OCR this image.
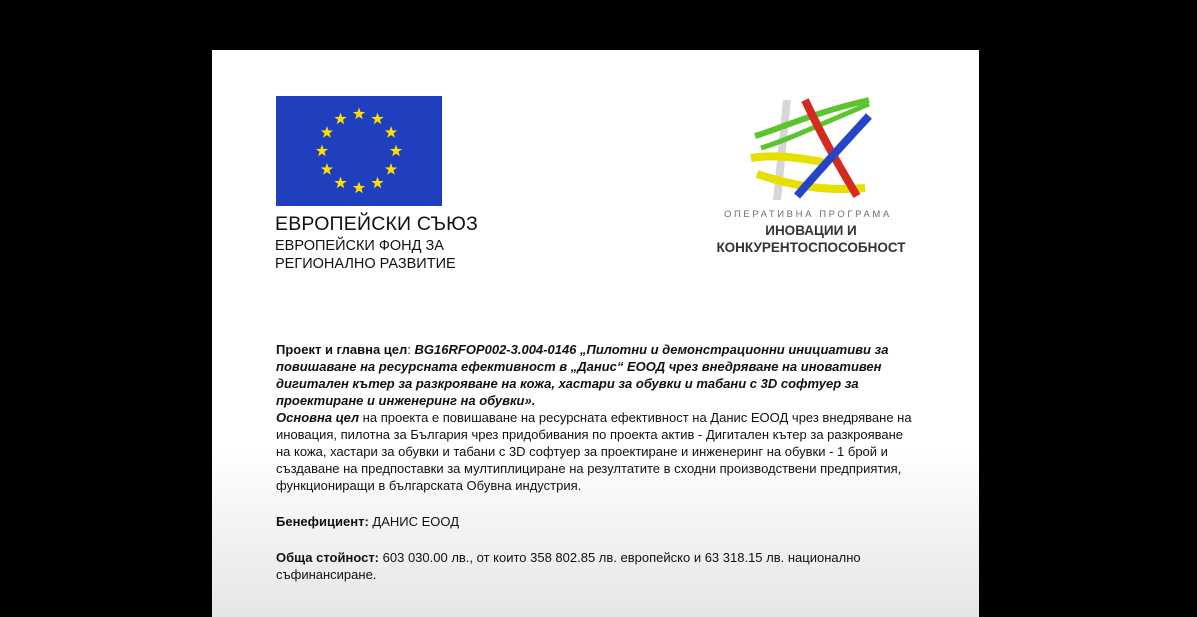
ЕВРОПЕЙСКИ СЪЮЗ
ЕВРОПЕЙСКИ ФОНД ЗА
РЕГИОНАЛНО РАЗВИТИЕ
ОПЕРАТИВНА ПРОГРАМА
ИНОВАЦИИ И
КОНКУРЕНТОСПОСОБНОСТ

Проект и главна цел: BG16RFOP002-3.004-0146 „Пилотни и демонстрационни инициативи за повишаване на ресурсната ефективност в „Данис“ ЕООД чрез внедряване на иновативен дигитален кътер за разкрояване на кожа, хастари за обувки и табани с 3D софтуер за проектиране и инженеринг на обувки».

Основна цел на проекта е повишаване на ресурсната ефективност на Данис ЕООД чрез внедряване на иновация, пилотна за България чрез придобивания по проекта актив - Дигитален кътер за разкрояване на кожа, хастари за обувки и табани с 3D софтуер за проектиране и инженеринг на обувки - 1 брой и създаване на предпоставки за мултиплициране на резултатите в сходни производствени предприятия, функциониращи в българската Обувна индустрия.

Бенефициент: ДАНИС ЕООД

Обща стойност: 603 030.00 лв., от които 358 802.85 лв. европейско и 63 318.15 лв. национално съфинансиране.
